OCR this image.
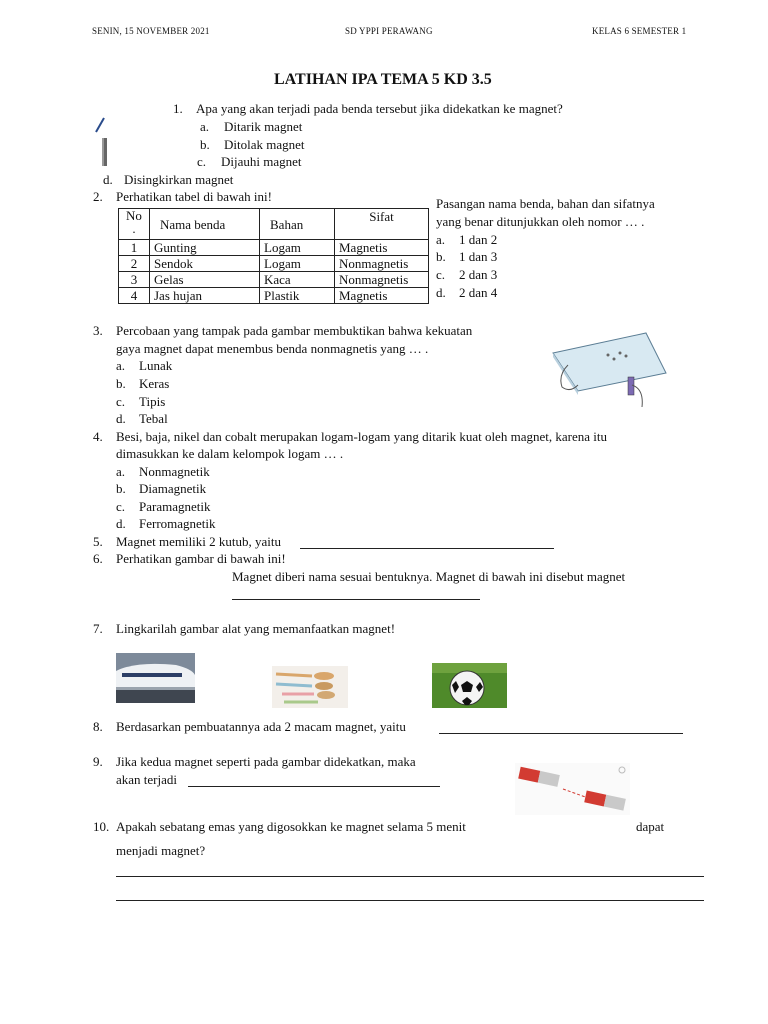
SENIN, 15 NOVEMBER 2021	SD YPPI PERAWANG	KELAS 6 SEMESTER 1
LATIHAN IPA TEMA 5 KD 3.5
1. Apa yang akan terjadi pada benda tersebut jika didekatkan ke magnet?
a. Ditarik magnet
b. Ditolak magnet
c. Dijauhi magnet
d. Disingkirkan magnet
2. Perhatikan tabel di bawah ini!
No .	Nama benda	Bahan	Sifat
1	Gunting	Logam	Magnetis
2	Sendok	Logam	Nonmagnetis
3	Gelas	Kaca	Nonmagnetis
4	Jas hujan	Plastik	Magnetis
Pasangan nama benda, bahan dan sifatnya
yang benar ditunjukkan oleh nomor … .
a. 1 dan 2
b. 1 dan 3
c. 2 dan 3
d. 2 dan 4
3. Percobaan yang tampak pada gambar membuktikan bahwa kekuatan
gaya magnet dapat menembus benda nonmagnetis yang … .
a. Lunak
b. Keras
c. Tipis
d. Tebal
4. Besi, baja, nikel dan cobalt merupakan logam-logam yang ditarik kuat oleh magnet, karena itu
dimasukkan ke dalam kelompok logam … .
a. Nonmagnetik
b. Diamagnetik
c. Paramagnetik
d. Ferromagnetik
5. Magnet memiliki 2 kutub, yaitu
6. Perhatikan gambar di bawah ini!
Magnet diberi nama sesuai bentuknya. Magnet di bawah ini disebut magnet
7. Lingkarilah gambar alat yang memanfaatkan magnet!
8. Berdasarkan pembuatannya ada 2 macam magnet, yaitu
9. Jika kedua magnet seperti pada gambar didekatkan, maka
akan terjadi
10. Apakah sebatang emas yang digosokkan ke magnet selama 5 menit	dapat
menjadi magnet?
